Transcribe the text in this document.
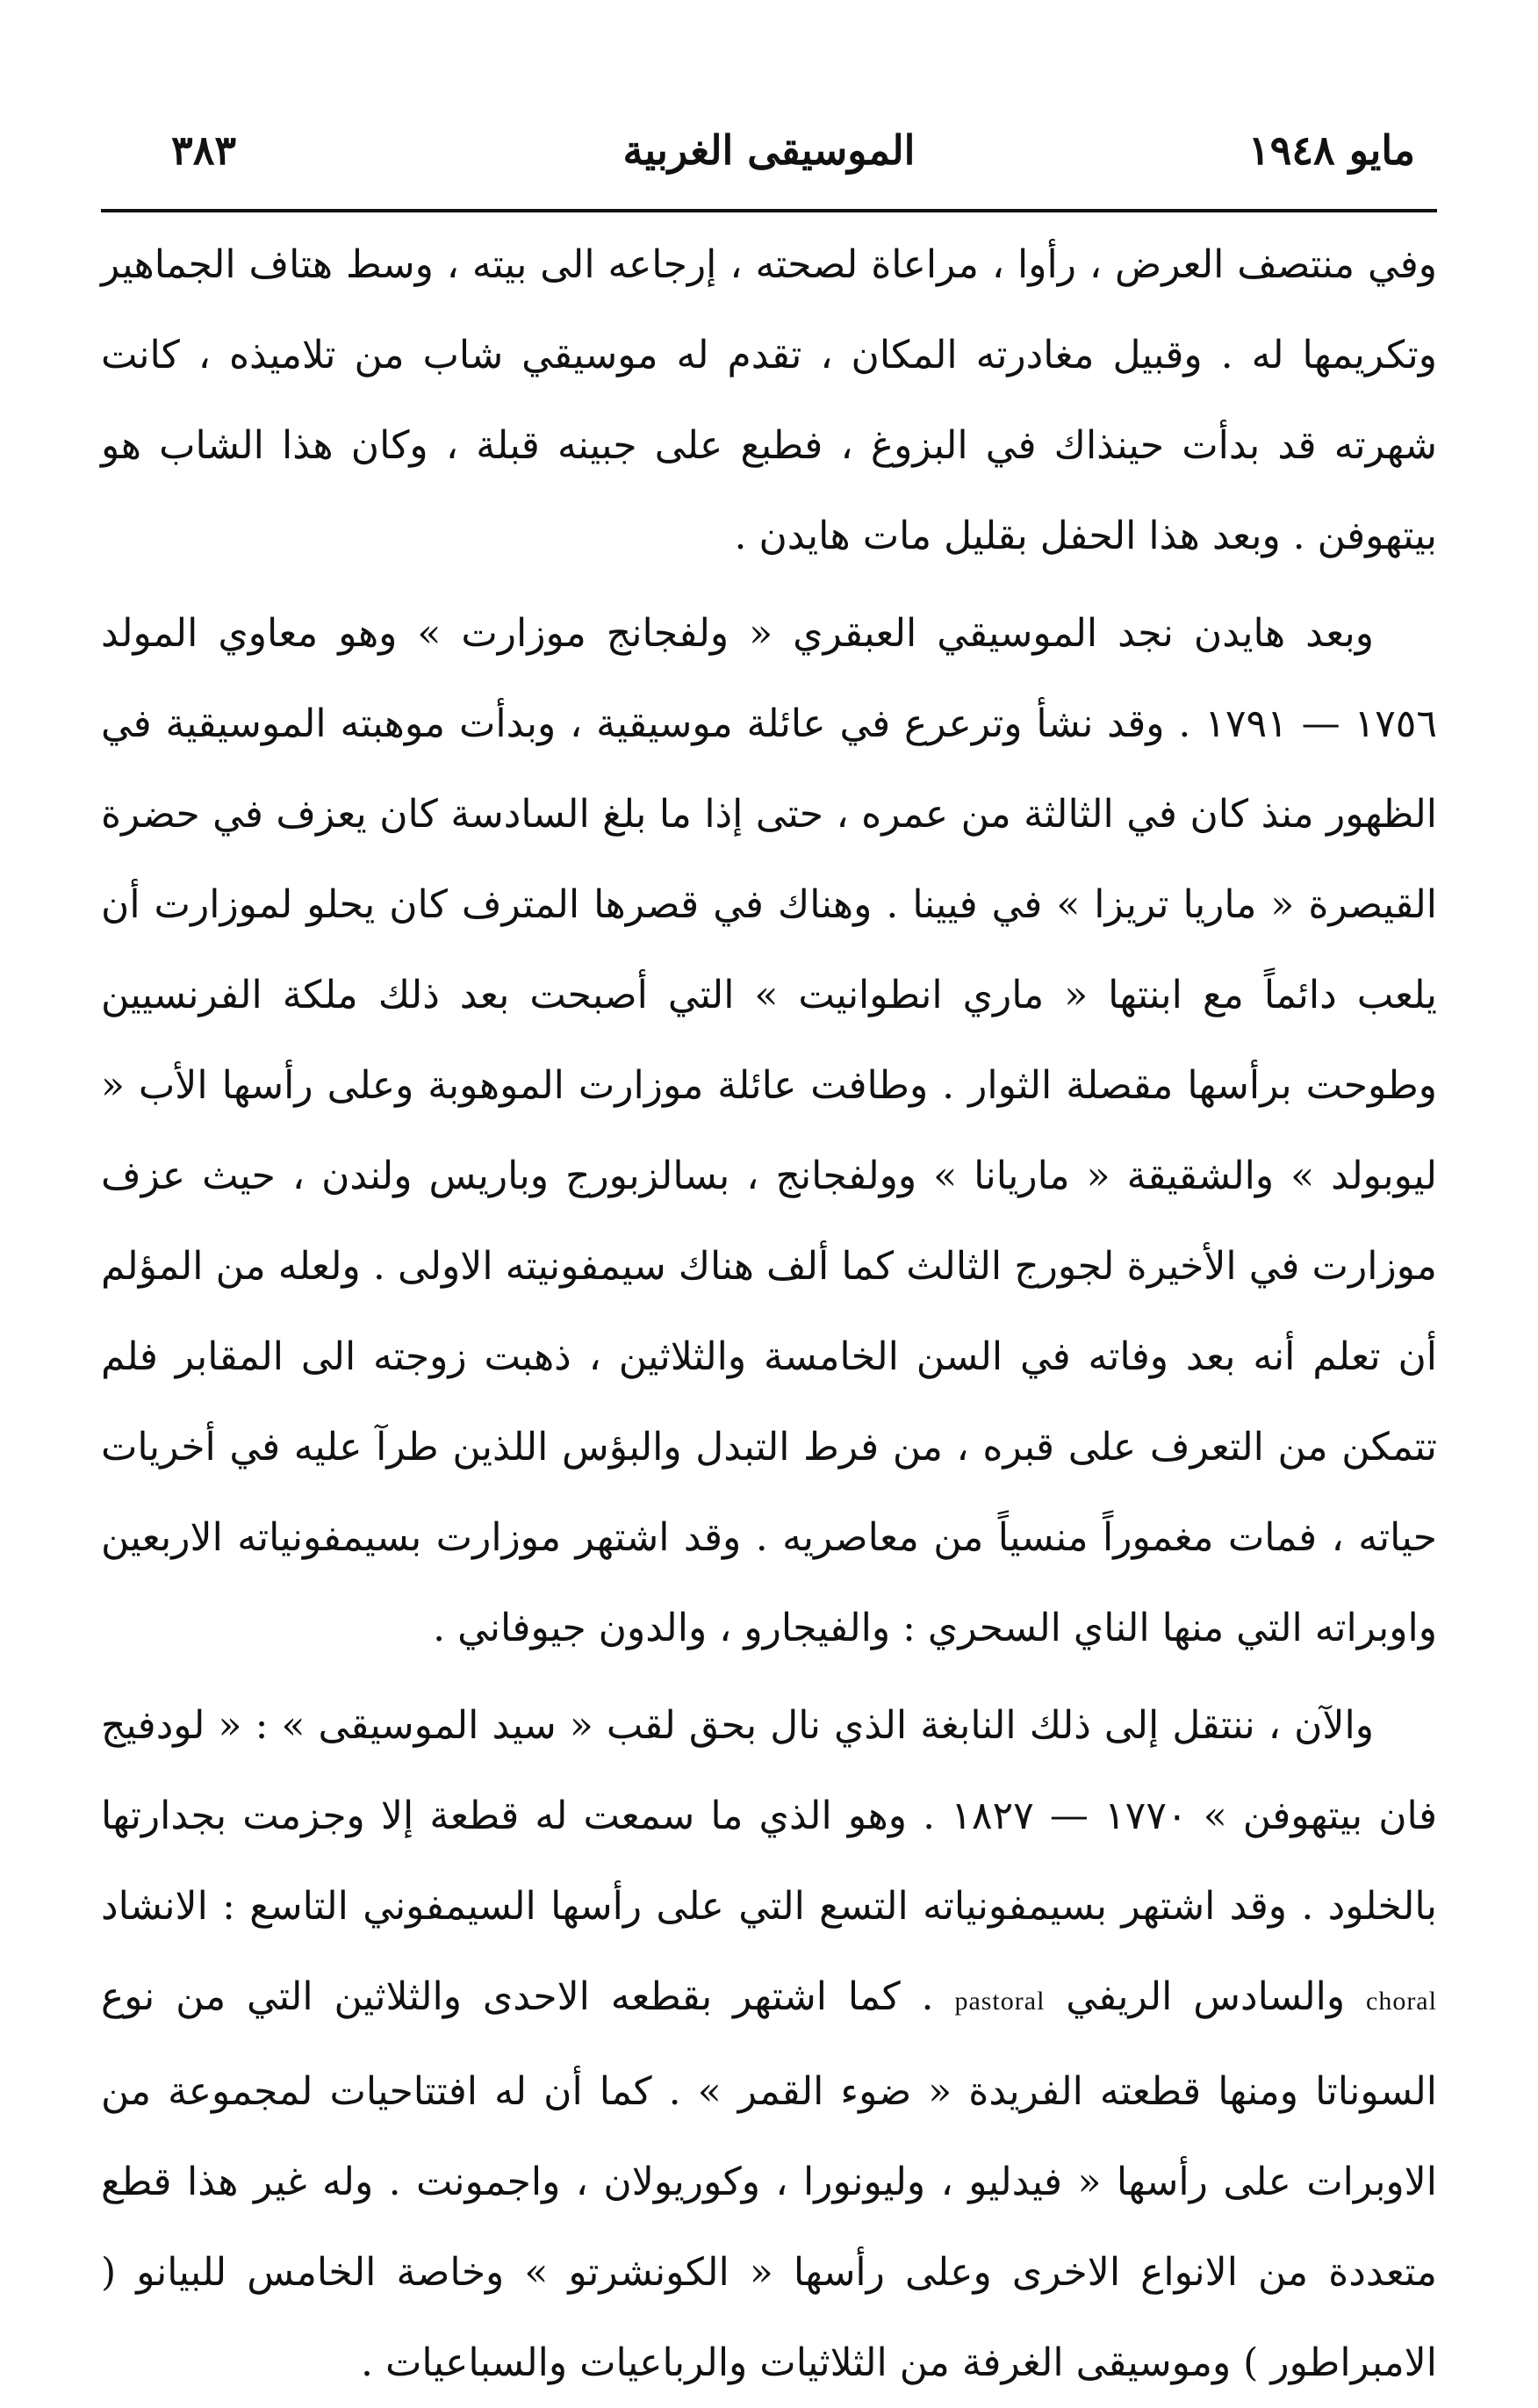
مايو ١٩٤٨
الموسيقى الغربية
٣٨٣

وفي منتصف العرض ، رأوا ، مراعاة لصحته ، إرجاعه الى بيته ، وسط هتاف الجماهير وتكريمها له . وقبيل مغادرته المكان ، تقدم له موسيقي شاب من تلاميذه ، كانت شهرته قد بدأت حينذاك في البزوغ ، فطبع على جبينه قبلة ، وكان هذا الشاب هو بيتهوفن . وبعد هذا الحفل بقليل مات هايدن .

وبعد هايدن نجد الموسيقي العبقري « ولفجانج موزارت » وهو معاوي المولد ١٧٥٦ — ١٧٩١ . وقد نشأ وترعرع في عائلة موسيقية ، وبدأت موهبته الموسيقية في الظهور منذ كان في الثالثة من عمره ، حتى إذا ما بلغ السادسة كان يعزف في حضرة القيصرة « ماريا تريزا » في فيينا . وهناك في قصرها المترف كان يحلو لموزارت أن يلعب دائماً مع ابنتها « ماري انطوانيت » التي أصبحت بعد ذلك ملكة الفرنسيين وطوحت برأسها مقصلة الثوار . وطافت عائلة موزارت الموهوبة وعلى رأسها الأب « ليوبولد » والشقيقة « ماريانا » وولفجانج ، بسالزبورج وباريس ولندن ، حيث عزف موزارت في الأخيرة لجورج الثالث كما ألف هناك سيمفونيته الاولى . ولعله من المؤلم أن تعلم أنه بعد وفاته في السن الخامسة والثلاثين ، ذهبت زوجته الى المقابر فلم تتمكن من التعرف على قبره ، من فرط التبدل والبؤس اللذين طرآ عليه في أخريات حياته ، فمات مغموراً منسياً من معاصريه . وقد اشتهر موزارت بسيمفونياته الاربعين واوبراته التي منها الناي السحري : والفيجارو ، والدون جيوفاني .

والآن ، ننتقل إلى ذلك النابغة الذي نال بحق لقب « سيد الموسيقى » : « لودفيج فان بيتهوفن » ١٧٧٠ — ١٨٢٧ . وهو الذي ما سمعت له قطعة إلا وجزمت بجدارتها بالخلود . وقد اشتهر بسيمفونياته التسع التي على رأسها السيمفوني التاسع : الانشاد choral والسادس الريفي pastoral . كما اشتهر بقطعه الاحدى والثلاثين التي من نوع السوناتا ومنها قطعته الفريدة « ضوء القمر » . كما أن له افتتاحيات لمجموعة من الاوبرات على رأسها « فيدليو ، وليونورا ، وكوريولان ، واجمونت . وله غير هذا قطع متعددة من الانواع الاخرى وعلى رأسها « الكونشرتو » وخاصة الخامس للبيانو ( الامبراطور ) وموسيقى الغرفة من الثلاثيات والرباعيات والسباعيات .
